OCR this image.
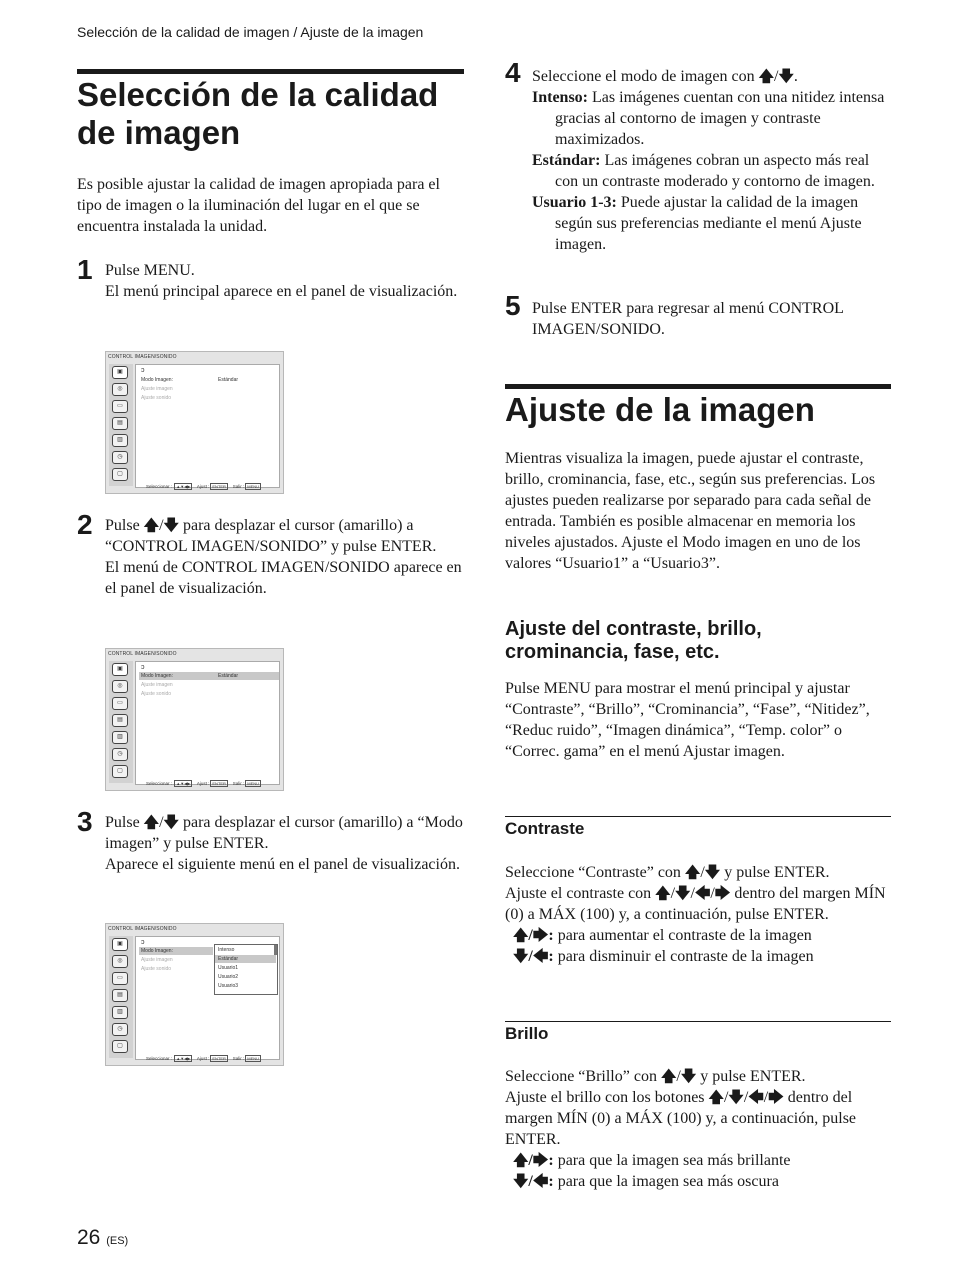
Selección de la calidad de imagen / Ajuste de la imagen
Selección de la calidad
de imagen

Es posible ajustar la calidad de imagen apropiada para el tipo de imagen o la iluminación del lugar en el que se encuentra instalada la unidad.

1 Pulse MENU.

El menú principal aparece en el panel de visualización.

CONTROL IMAGEN/SONIDO
▣
◎
▭
▤
▥
◷
▢
ↄ
Modo Imagen:	Estándar
Ajuste imagen
Ajuste sonido
Seleccionar : ▲▼◀▶ Ajust : ENTER Salir : MENU
2 Pulse 🡅/🡇 para desplazar el cursor (amarillo) a “CONTROL IMAGEN/SONIDO” y pulse ENTER.

El menú de CONTROL IMAGEN/SONIDO aparece en el panel de visualización.

CONTROL IMAGEN/SONIDO
▣
◎
▭
▤
▥
◷
▢
ↄ
Modo Imagen:	Estándar
Ajuste imagen
Ajuste sonido
Seleccionar : ▲▼◀▶ Ajust : ENTER Salir : MENU
3 Pulse 🡅/🡇 para desplazar el cursor (amarillo) a “Modo imagen” y pulse ENTER.

Aparece el siguiente menú en el panel de visualización.

CONTROL IMAGEN/SONIDO
▣
◎
▭
▤
▥
◷
▢
ↄ
Modo Imagen:
Ajuste imagen
Ajuste sonido
Intenso
Estándar
Usuario1
Usuario2
Usuario3
Seleccionar : ▲▼◀▶ Ajust : ENTER Salir : MENU
4 Seleccione el modo de imagen con 🡅/🡇.

Intenso: Las imágenes cuentan con una nitidez intensa gracias al contorno de imagen y contraste maximizados.

Estándar: Las imágenes cobran un aspecto más real con un contraste moderado y contorno de imagen.

Usuario 1-3: Puede ajustar la calidad de la imagen según sus preferencias mediante el menú Ajuste imagen.

5 Pulse ENTER para regresar al menú CONTROL IMAGEN/SONIDO.

Ajuste de la imagen

Mientras visualiza la imagen, puede ajustar el contraste, brillo, crominancia, fase, etc., según sus preferencias. Los ajustes pueden realizarse por separado para cada señal de entrada. También es posible almacenar en memoria los niveles ajustados. Ajuste el Modo imagen en uno de los valores “Usuario1” a “Usuario3”.

Ajuste del contraste, brillo,
crominancia, fase, etc.

Pulse MENU para mostrar el menú principal y ajustar “Contraste”, “Brillo”, “Crominancia”, “Fase”, “Nitidez”, “Reduc ruido”, “Imagen dinámica”, “Temp. color” o “Correc. gama” en el menú Ajustar imagen.

Contraste

Seleccione “Contraste” con 🡅/🡇 y pulse ENTER.

Ajuste el contraste con 🡅/🡇/🡄/🡆 dentro del margen MÍN (0) a MÁX (100) y, a continuación, pulse ENTER.

🡅/🡆: para aumentar el contraste de la imagen

🡇/🡄: para disminuir el contraste de la imagen

Brillo

Seleccione “Brillo” con 🡅/🡇 y pulse ENTER.

Ajuste el brillo con los botones 🡅/🡇/🡄/🡆 dentro del margen MÍN (0) a MÁX (100) y, a continuación, pulse ENTER.

🡅/🡆: para que la imagen sea más brillante

🡇/🡄: para que la imagen sea más oscura

26 (ES)
